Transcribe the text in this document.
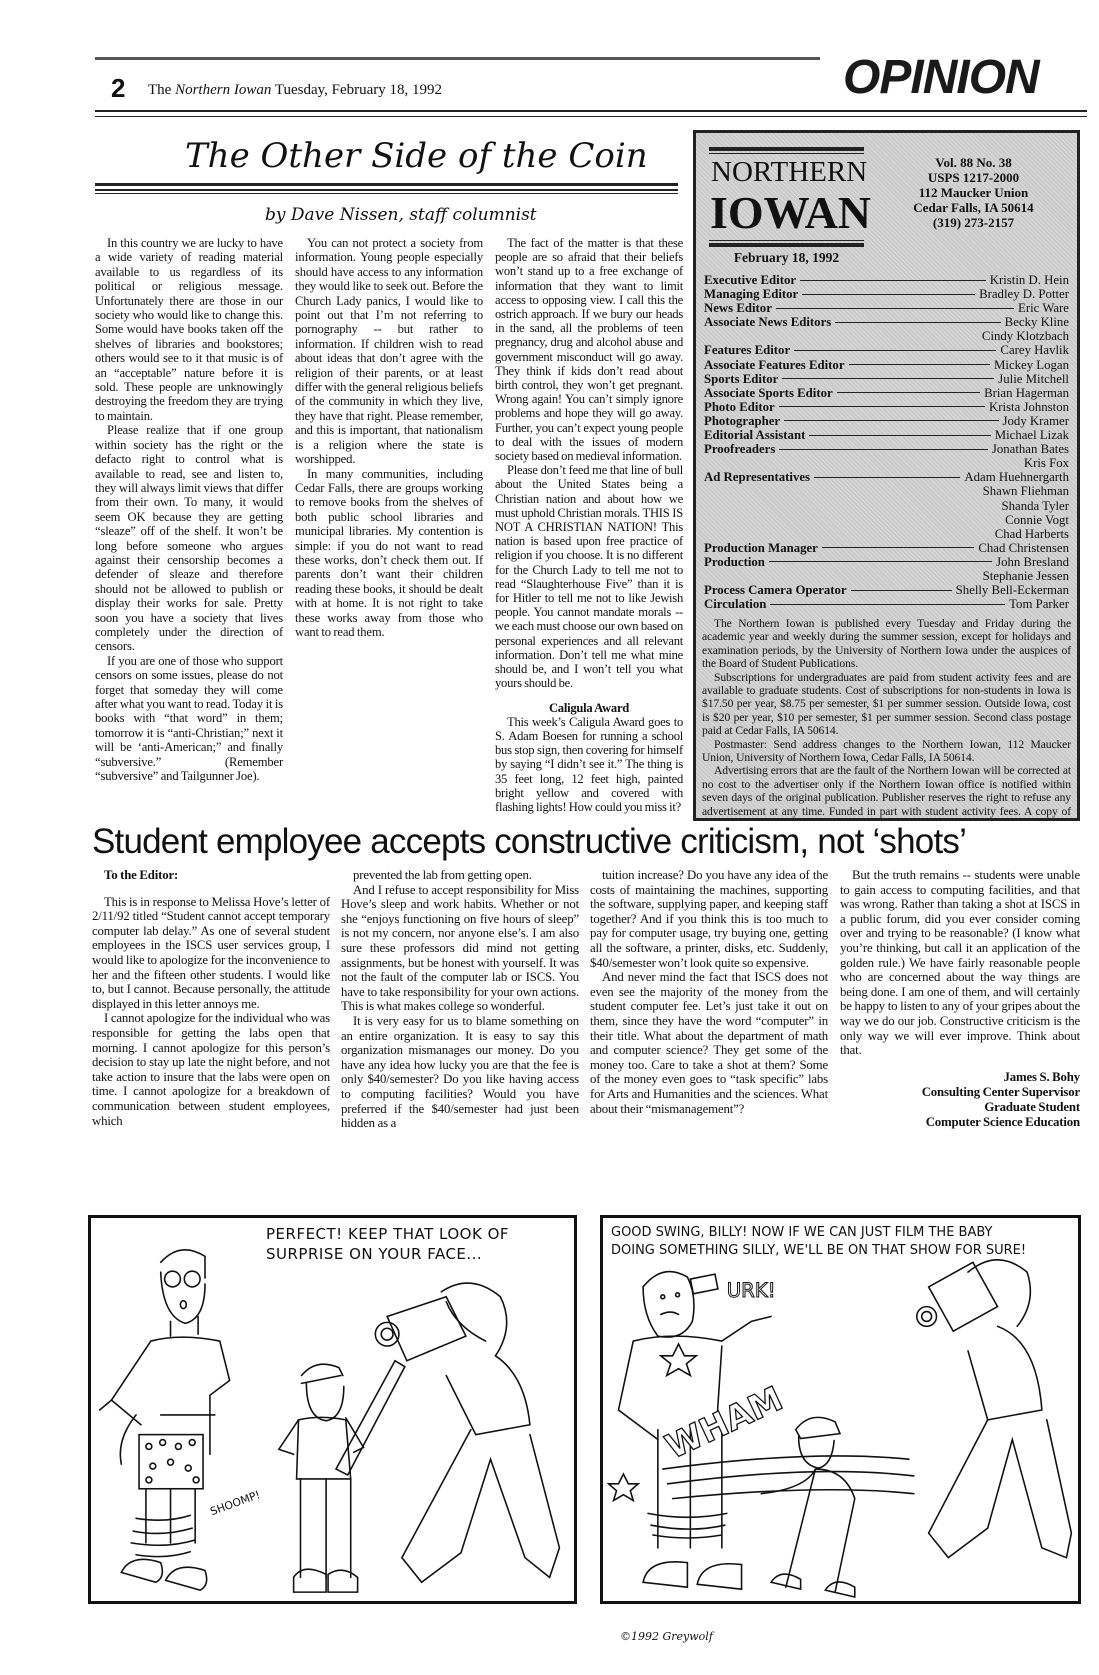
2 The Northern Iowan Tuesday, February 18, 1992	OPINION
The Other Side of the Coin
by Dave Nissen, staff columnist

In this country we are lucky to have a wide variety of reading material available to us regardless of its political or religious message. Unfortunately there are those in our society who would like to change this. Some would have books taken off the shelves of libraries and bookstores; others would see to it that music is of an “acceptable” nature before it is sold. These people are unknowingly destroying the freedom they are trying to maintain.

Please realize that if one group within society has the right or the defacto right to control what is available to read, see and listen to, they will always limit views that differ from their own. To many, it would seem OK because they are getting “sleaze” off of the shelf. It won’t be long before someone who argues against their censorship becomes a defender of sleaze and therefore should not be allowed to publish or display their works for sale. Pretty soon you have a society that lives completely under the direction of censors.

If you are one of those who support censors on some issues, please do not forget that someday they will come after what you want to read. Today it is books with “that word” in them; tomorrow it is “anti-Christian;” next it will be ‘anti-American;” and finally “subversive.” (Remember “subversive” and Tailgunner Joe).

You can not protect a society from information. Young people especially should have access to any information they would like to seek out. Before the Church Lady panics, I would like to point out that I’m not referring to pornography -- but rather to information. If children wish to read about ideas that don’t agree with the religion of their parents, or at least differ with the general religious beliefs of the community in which they live, they have that right. Please remember, and this is important, that nationalism is a religion where the state is worshipped.

In many communities, including Cedar Falls, there are groups working to remove books from the shelves of both public school libraries and municipal libraries. My contention is simple: if you do not want to read these works, don’t check them out. If parents don’t want their children reading these books, it should be dealt with at home. It is not right to take these works away from those who want to read them.

The fact of the matter is that these people are so afraid that their beliefs won’t stand up to a free exchange of information that they want to limit access to opposing view. I call this the ostrich approach. If we bury our heads in the sand, all the problems of teen pregnancy, drug and alcohol abuse and government misconduct will go away. They think if kids don’t read about birth control, they won’t get pregnant. Wrong again! You can’t simply ignore problems and hope they will go away. Further, you can’t expect young people to deal with the issues of modern society based on medieval information.

Please don’t feed me that line of bull about the United States being a Christian nation and about how we must uphold Christian morals. THIS IS NOT A CHRISTIAN NATION! This nation is based upon free practice of religion if you choose. It is no different for the Church Lady to tell me not to read “Slaughterhouse Five” than it is for Hitler to tell me not to like Jewish people. You cannot mandate morals -- we each must choose our own based on personal experiences and all relevant information. Don’t tell me what mine should be, and I won’t tell you what yours should be.

Caligula Award

This week’s Caligula Award goes to S. Adam Boesen for running a school bus stop sign, then covering for himself by saying “I didn’t see it.” The thing is 35 feet long, 12 feet high, painted bright yellow and covered with flashing lights! How could you miss it?

NORTHERN
IOWAN
February 18, 1992
Vol. 88 No. 38
USPS 1217-2000
112 Maucker Union
Cedar Falls, IA 50614
(319) 273-2157
Executive Editor	Kristin D. Hein
Managing Editor	Bradley D. Potter
News Editor	Eric Ware
Associate News Editors	Becky Kline
Cindy Klotzbach
Features Editor	Carey Havlik
Associate Features Editor	Mickey Logan
Sports Editor	Julie Mitchell
Associate Sports Editor	Brian Hagerman
Photo Editor	Krista Johnston
Photographer	Jody Kramer
Editorial Assistant	Michael Lizak
Proofreaders	Jonathan Bates
Kris Fox
Ad Representatives	Adam Huehnergarth
Shawn Fliehman
Shanda Tyler
Connie Vogt
Chad Harberts
Production Manager	Chad Christensen
Production	John Bresland
Stephanie Jessen
Process Camera Operator	Shelly Bell-Eckerman
Circulation	Tom Parker

The Northern Iowan is published every Tuesday and Friday during the academic year and weekly during the summer session, except for holidays and examination periods, by the University of Northern Iowa under the auspices of the Board of Student Publications.

Subscriptions for undergraduates are paid from student activity fees and are available to graduate students. Cost of subscriptions for non-students in Iowa is $17.50 per year, $8.75 per semester, $1 per summer session. Outside Iowa, cost is $20 per year, $10 per semester, $1 per summer session. Second class postage paid at Cedar Falls, IA 50614.

Postmaster: Send address changes to the Northern Iowan, 112 Maucker Union, University of Northern Iowa, Cedar Falls, IA 50614.

Advertising errors that are the fault of the Northern Iowan will be corrected at no cost to the advertiser only if the Northern Iowan office is notified within seven days of the original publication. Publisher reserves the right to refuse any advertisement at any time. Funded in part with student activity fees. A copy of

Student employee accepts constructive criticism, not ‘shots’

To the Editor:

This is in response to Melissa Hove’s letter of 2/11/92 titled “Student cannot accept temporary computer lab delay.” As one of several student employees in the ISCS user services group, I would like to apologize for the inconvenience to her and the fifteen other students. I would like to, but I cannot. Because personally, the attitude displayed in this letter annoys me.

I cannot apologize for the individual who was responsible for getting the labs open that morning. I cannot apologize for this person’s decision to stay up late the night before, and not take action to insure that the labs were open on time. I cannot apologize for a breakdown of communication between student employees, which

prevented the lab from getting open.

And I refuse to accept responsibility for Miss Hove’s sleep and work habits. Whether or not she “enjoys functioning on five hours of sleep” is not my concern, nor anyone else’s. I am also sure these professors did mind not getting assignments, but be honest with yourself. It was not the fault of the computer lab or ISCS. You have to take responsibility for your own actions. This is what makes college so wonderful.

It is very easy for us to blame something on an entire organization. It is easy to say this organization mismanages our money. Do you have any idea how lucky you are that the fee is only $40/semester? Do you like having access to computing facilities? Would you have preferred if the $40/semester had just been hidden as a

tuition increase? Do you have any idea of the costs of maintaining the machines, supporting the software, supplying paper, and keeping staff together? And if you think this is too much to pay for computer usage, try buying one, getting all the software, a printer, disks, etc. Suddenly, $40/semester won’t look quite so expensive.

And never mind the fact that ISCS does not even see the majority of the money from the student computer fee. Let’s just take it out on them, since they have the word “computer” in their title. What about the department of math and computer science? They get some of the money too. Care to take a shot at them? Some of the money even goes to “task specific” labs for Arts and Humanities and the sciences. What about their “mismanagement”?

But the truth remains -- students were unable to gain access to computing facilities, and that was wrong. Rather than taking a shot at ISCS in a public forum, did you ever consider coming over and trying to be reasonable? (I know what you’re thinking, but call it an application of the golden rule.) We have fairly reasonable people who are concerned about the way things are being done. I am one of them, and will certainly be happy to listen to any of your gripes about the way we do our job. Constructive criticism is the only way we will ever improve. Think about that.

James S. Bohy

Consulting Center Supervisor

Graduate Student

Computer Science Education

PERFECT! KEEP THAT LOOK OF
SURPRISE ON YOUR FACE...
SHOOMP!
GOOD SWING, BILLY! NOW IF WE CAN JUST FILM THE BABY
DOING SOMETHING SILLY, WE'LL BE ON THAT SHOW FOR SURE!
WHAM
URK!
©1992 Greywolf
